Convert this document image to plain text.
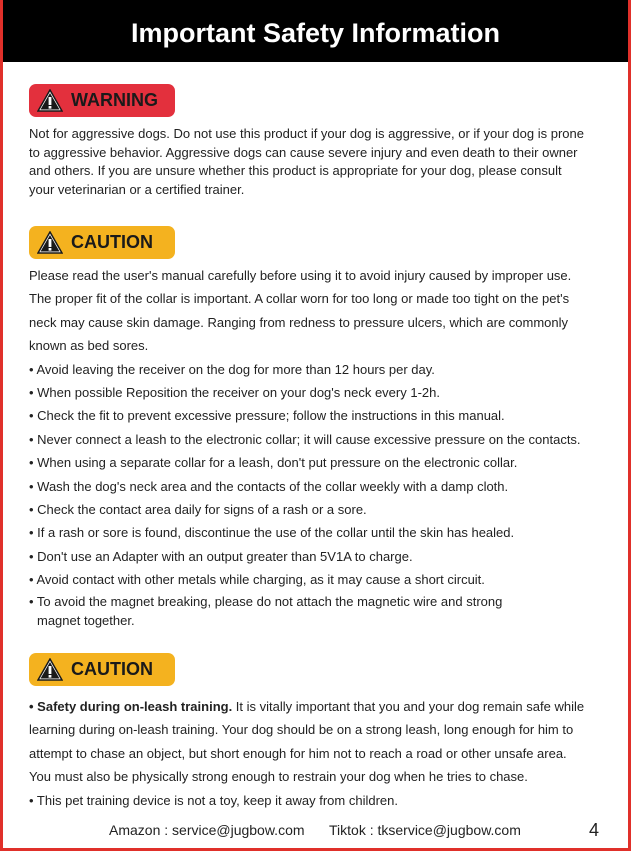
Important Safety Information
WARNING

Not for aggressive dogs. Do not use this product if your dog is aggressive, or if your dog is prone

to aggressive behavior. Aggressive dogs can cause severe injury and even death to their owner

and others. If you are unsure whether this product is appropriate for your dog, please consult

your veterinarian or a certified trainer.

CAUTION

Please read the user's manual carefully before using it to avoid injury caused by improper use.

The proper fit of the collar is important. A collar worn for too long or made too tight on the pet's

neck may cause skin damage. Ranging from redness to pressure ulcers, which are commonly

known as bed sores.

• Avoid leaving the receiver on the dog for more than 12 hours per day.

• When possible Reposition the receiver on your dog's neck every 1-2h.

• Check the fit to prevent excessive pressure; follow the instructions in this manual.

• Never connect a leash to the electronic collar; it will cause excessive pressure on the contacts.

• When using a separate collar for a leash, don't put pressure on the electronic collar.

• Wash the dog's neck area and the contacts of the collar weekly with a damp cloth.

• Check the contact area daily for signs of a rash or a sore.

• If a rash or sore is found, discontinue the use of the collar until the skin has healed.

• Don't use an Adapter with an output greater than 5V1A to charge.

• Avoid contact with other metals while charging, as it may cause a short circuit.

• To avoid the magnet breaking, please do not attach the magnetic wire and strong

magnet together.

CAUTION

• Safety during on-leash training. It is vitally important that you and your dog remain safe while

learning during on-leash training. Your dog should be on a strong leash, long enough for him to

attempt to chase an object, but short enough for him not to reach a road or other unsafe area.

You must also be physically strong enough to restrain your dog when he tries to chase.

• This pet training device is not a toy, keep it away from children.

Amazon : service@jugbow.com Tiktok : tkservice@jugbow.com	4
